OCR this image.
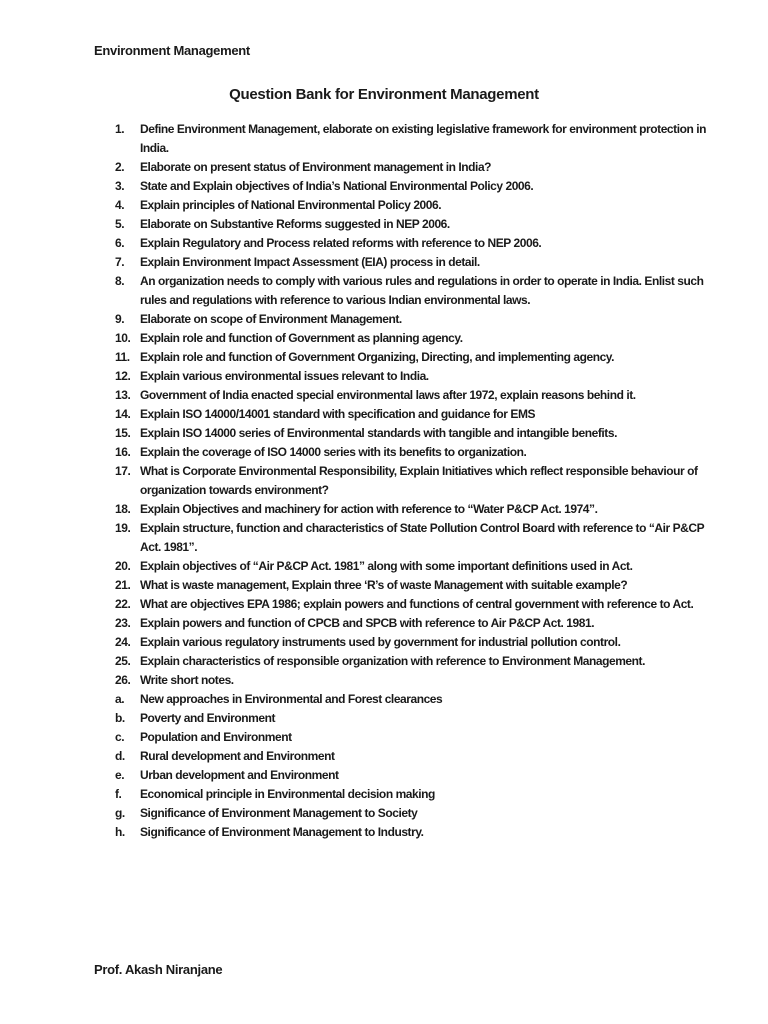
Environment Management
Question Bank for Environment Management
1.	Define Environment Management, elaborate on existing legislative framework for environment protection in India.
2.	Elaborate on present status of Environment management in India?
3.	State and Explain objectives of India’s National Environmental Policy 2006.
4.	Explain principles of National Environmental Policy 2006.
5.	Elaborate on Substantive Reforms suggested in NEP 2006.
6.	Explain Regulatory and Process related reforms with reference to NEP 2006.
7.	Explain Environment Impact Assessment (EIA) process in detail.
8.	An organization needs to comply with various rules and regulations in order to operate in India. Enlist such rules and regulations with reference to various Indian environmental laws.
9.	Elaborate on scope of Environment Management.
10. Explain role and function of Government as planning agency.
11. Explain role and function of Government Organizing, Directing, and implementing agency.
12. Explain various environmental issues relevant to India.
13. Government of India enacted special environmental laws after 1972, explain reasons behind it.
14. Explain ISO 14000/14001 standard with specification and guidance for EMS
15. Explain ISO 14000 series of Environmental standards with tangible and intangible benefits.
16. Explain the coverage of ISO 14000 series with its benefits to organization.
17. What is Corporate Environmental Responsibility, Explain Initiatives which reflect responsible behaviour of organization towards environment?
18. Explain Objectives and machinery for action with reference to “Water P&CP Act. 1974”.
19. Explain structure, function and characteristics of State Pollution Control Board with reference to “Air P&CP Act. 1981”.
20. Explain objectives of “Air P&CP Act. 1981” along with some important definitions used in Act.
21. What is waste management, Explain three ‘R’s of waste Management with suitable example?
22. What are objectives EPA 1986; explain powers and functions of central government with reference to Act.
23. Explain powers and function of CPCB and SPCB with reference to Air P&CP Act. 1981.
24. Explain various regulatory instruments used by government for industrial pollution control.
25. Explain characteristics of responsible organization with reference to Environment Management.
26. Write short notes.
a.	New approaches in Environmental and Forest clearances
b.	Poverty and Environment
c.	Population and Environment
d.	Rural development and Environment
e.	Urban development and Environment
f.	Economical principle in Environmental decision making
g.	Significance of Environment Management to Society
h.	Significance of Environment Management to Industry.
Prof. Akash Niranjane
